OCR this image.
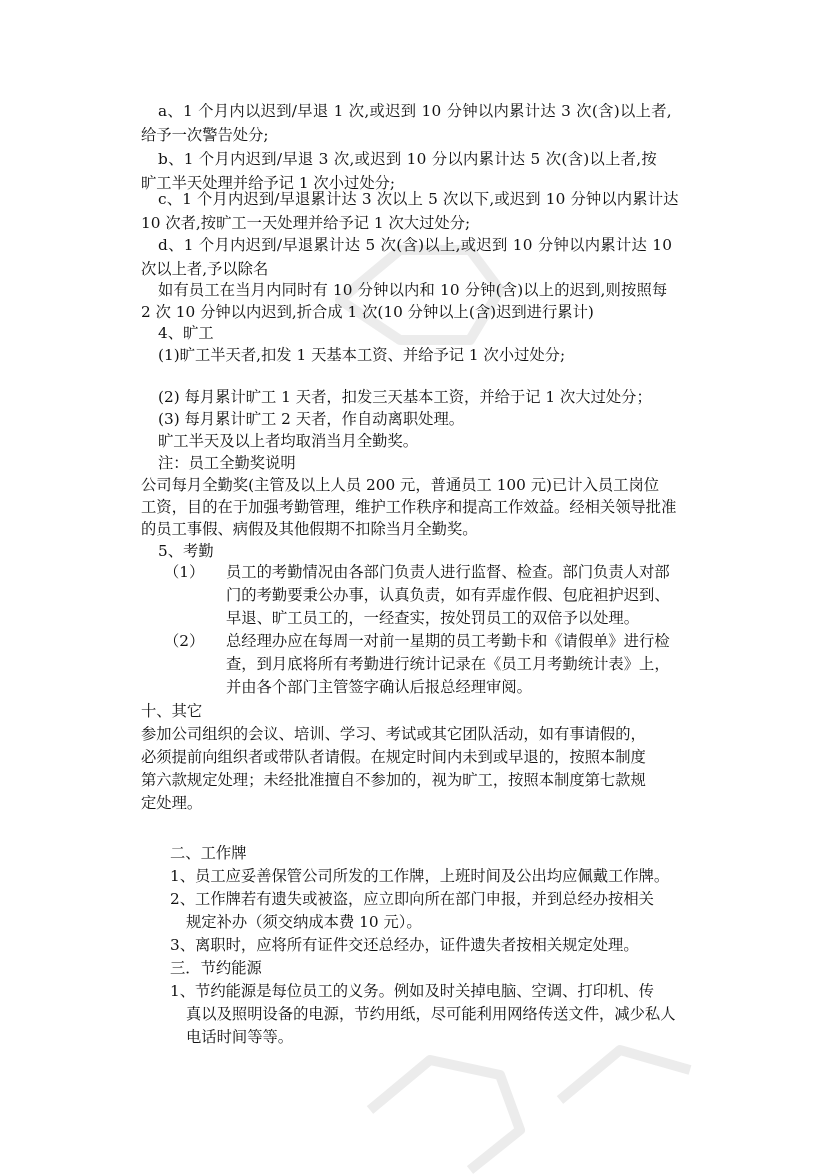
a、1 个月内以迟到/早退 1 次,或迟到 10 分钟以内累计达 3 次(含)以上者,

给予一次警告处分;

b、1 个月内迟到/早退 3 次,或迟到 10 分以内累计达 5 次(含)以上者,按

旷工半天处理并给予记 1 次小过处分;

c、1 个月内迟到/早退累计达 3 次以上 5 次以下,或迟到 10 分钟以内累计达

10 次者,按旷工一天处理并给予记 1 次大过处分;

d、1 个月内迟到/早退累计达 5 次(含)以上,或迟到 10 分钟以内累计达 10

次以上者,予以除名

如有员工在当月内同时有 10 分钟以内和 10 分钟(含)以上的迟到,则按照每

2 次 10 分钟以内迟到,折合成 1 次(10 分钟以上(含)迟到进行累计)

4、旷工

(1)旷工半天者,扣发 1 天基本工资、并给予记 1 次小过处分;

(2) 每月累计旷工 1 天者，扣发三天基本工资，并给于记 1 次大过处分；

(3) 每月累计旷工 2 天者，作自动离职处理。

旷工半天及以上者均取消当月全勤奖。

注：员工全勤奖说明

公司每月全勤奖(主管及以上人员 200 元，普通员工 100 元)已计入员工岗位

工资，目的在于加强考勤管理，维护工作秩序和提高工作效益。经相关领导批准

的员工事假、病假及其他假期不扣除当月全勤奖。

5、考勤

（1） 员工的考勤情况由各部门负责人进行监督、检查。部门负责人对部

门的考勤要秉公办事，认真负责，如有弄虚作假、包庇袒护迟到、

早退、旷工员工的，一经查实，按处罚员工的双倍予以处理。

（2） 总经理办应在每周一对前一星期的员工考勤卡和《请假单》进行检

查，到月底将所有考勤进行统计记录在《员工月考勤统计表》上，

并由各个部门主管签字确认后报总经理审阅。

十、其它

参加公司组织的会议、培训、学习、考试或其它团队活动，如有事请假的，

必须提前向组织者或带队者请假。在规定时间内未到或早退的，按照本制度

第六款规定处理；未经批准擅自不参加的，视为旷工，按照本制度第七款规

定处理。

二、工作牌

1、员工应妥善保管公司所发的工作牌，上班时间及公出均应佩戴工作牌。

2、工作牌若有遗失或被盗，应立即向所在部门申报，并到总经办按相关

规定补办（须交纳成本费 10 元）。

3、离职时，应将所有证件交还总经办，证件遗失者按相关规定处理。

三．节约能源

1、节约能源是每位员工的义务。例如及时关掉电脑、空调、打印机、传

真以及照明设备的电源，节约用纸，尽可能利用网络传送文件，减少私人

电话时间等等。
